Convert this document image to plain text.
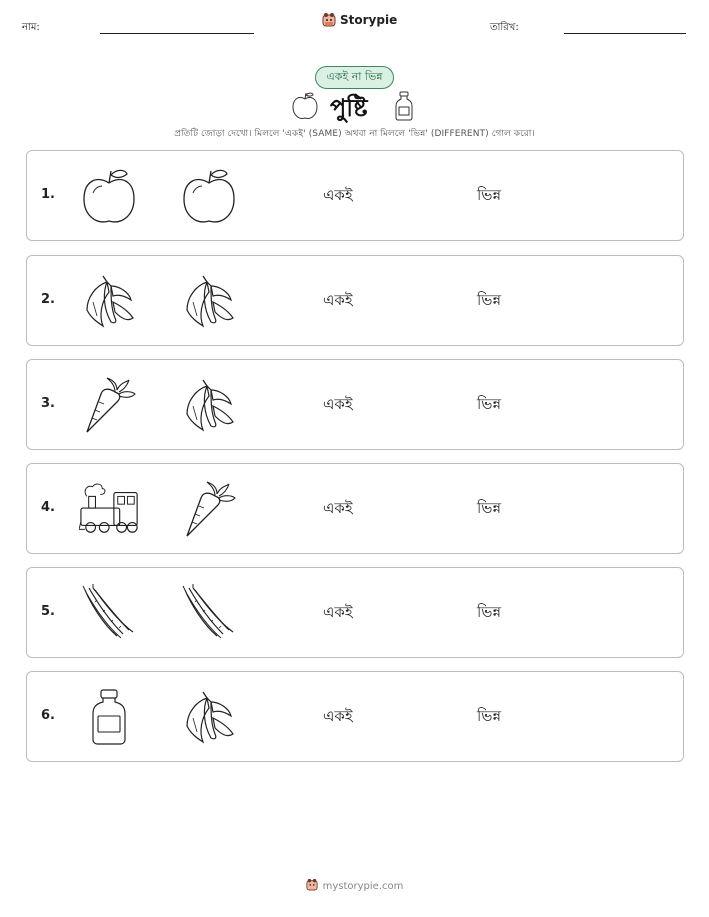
নাম:
Storypie
তারিখ:
একই না ভিন্ন
পুষ্টি
প্রতিটি জোড়া দেখো। মিললে 'একই' (SAME) অথবা না মিললে 'ভিন্ন' (DIFFERENT) গোল করো।
1.	একই	ভিন্ন
2.	একই	ভিন্ন
3.	একই	ভিন্ন
4.	একই	ভিন্ন
5.	একই	ভিন্ন
6.	একই	ভিন্ন
mystorypie.com
